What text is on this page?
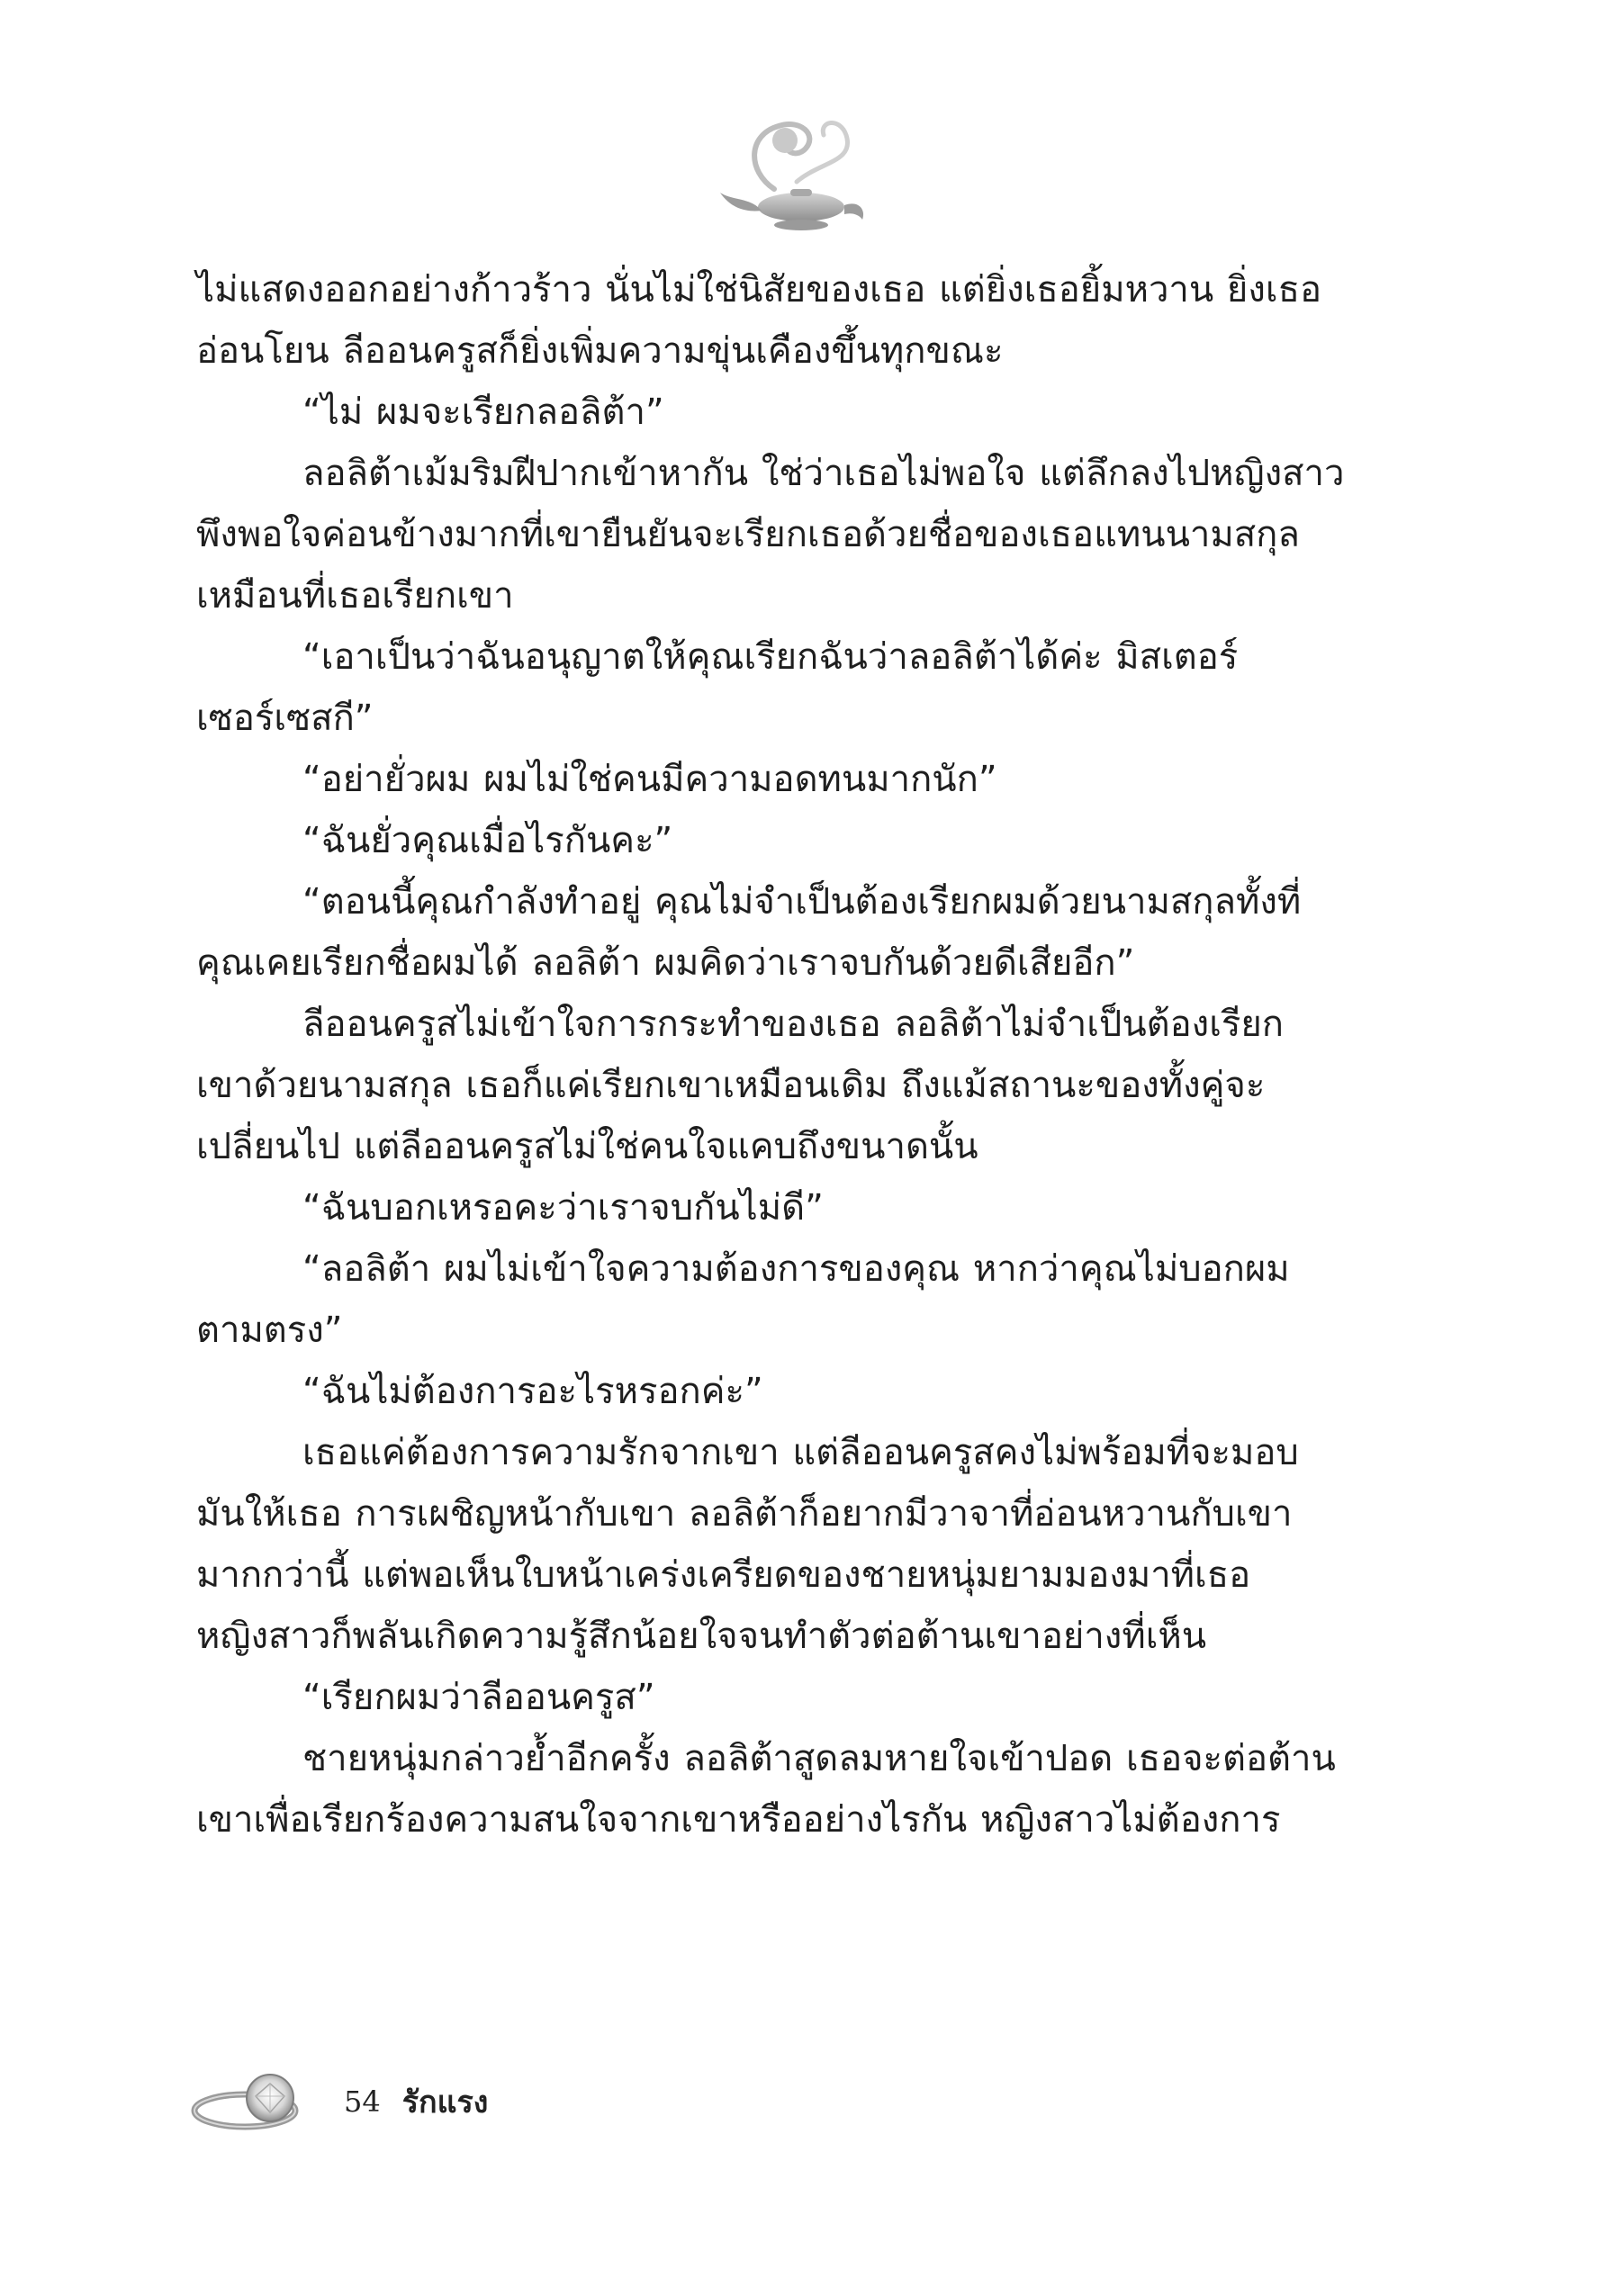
ไม่แสดงออกอย่างก้าวร้าว นั่นไม่ใช่นิสัยของเธอ แต่ยิ่งเธอยิ้มหวาน ยิ่งเธอ
อ่อนโยน ลีออนครูสก็ยิ่งเพิ่มความขุ่นเคืองขึ้นทุกขณะ
“ไม่ ผมจะเรียกลอลิต้า”
ลอลิต้าเม้มริมฝีปากเข้าหากัน ใช่ว่าเธอไม่พอใจ แต่ลึกลงไปหญิงสาว
พึงพอใจค่อนข้างมากที่เขายืนยันจะเรียกเธอด้วยชื่อของเธอแทนนามสกุล
เหมือนที่เธอเรียกเขา
“เอาเป็นว่าฉันอนุญาตให้คุณเรียกฉันว่าลอลิต้าได้ค่ะ มิสเตอร์
เซอร์เซสกี”
“อย่ายั่วผม ผมไม่ใช่คนมีความอดทนมากนัก”
“ฉันยั่วคุณเมื่อไรกันคะ”
“ตอนนี้คุณกำลังทำอยู่ คุณไม่จำเป็นต้องเรียกผมด้วยนามสกุลทั้งที่
คุณเคยเรียกชื่อผมได้ ลอลิต้า ผมคิดว่าเราจบกันด้วยดีเสียอีก”
ลีออนครูสไม่เข้าใจการกระทำของเธอ ลอลิต้าไม่จำเป็นต้องเรียก
เขาด้วยนามสกุล เธอก็แค่เรียกเขาเหมือนเดิม ถึงแม้สถานะของทั้งคู่จะ
เปลี่ยนไป แต่ลีออนครูสไม่ใช่คนใจแคบถึงขนาดนั้น
“ฉันบอกเหรอคะว่าเราจบกันไม่ดี”
“ลอลิต้า ผมไม่เข้าใจความต้องการของคุณ หากว่าคุณไม่บอกผม
ตามตรง”
“ฉันไม่ต้องการอะไรหรอกค่ะ”
เธอแค่ต้องการความรักจากเขา แต่ลีออนครูสคงไม่พร้อมที่จะมอบ
มันให้เธอ การเผชิญหน้ากับเขา ลอลิต้าก็อยากมีวาจาที่อ่อนหวานกับเขา
มากกว่านี้ แต่พอเห็นใบหน้าเคร่งเครียดของชายหนุ่มยามมองมาที่เธอ
หญิงสาวก็พลันเกิดความรู้สึกน้อยใจจนทำตัวต่อต้านเขาอย่างที่เห็น
“เรียกผมว่าลีออนครูส”
ชายหนุ่มกล่าวย้ำอีกครั้ง ลอลิต้าสูดลมหายใจเข้าปอด เธอจะต่อต้าน
เขาเพื่อเรียกร้องความสนใจจากเขาหรืออย่างไรกัน หญิงสาวไม่ต้องการ
54 รักแรง
